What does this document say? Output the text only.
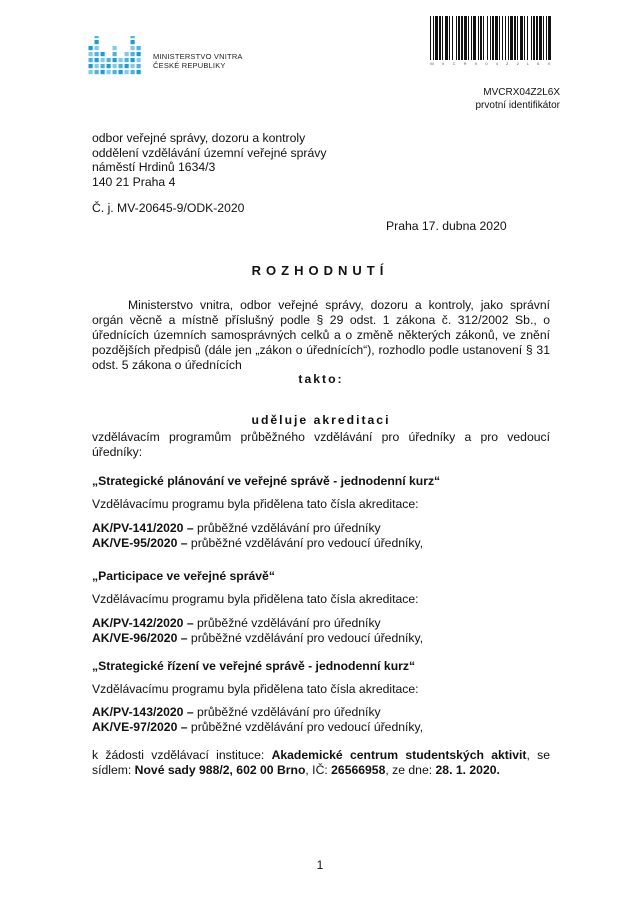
MINISTERSTVO VNITRA
ČESKÉ REPUBLIKY	M V C R X 0 4 Z 2 L 6 X
MVCRX04Z2L6X
prvotní identifikátor
odbor veřejné správy, dozoru a kontroly
oddělení vzdělávání územní veřejné správy
náměstí Hrdinů 1634/3
140 21 Praha 4
Č. j. MV-20645-9/ODK-2020
Praha 17. dubna 2020
ROZHODNUTÍ
Ministerstvo vnitra, odbor veřejné správy, dozoru a kontroly, jako správní orgán věcně a místně příslušný podle § 29 odst. 1 zákona č. 312/2002 Sb., o úřednících územních samosprávných celků a o změně některých zákonů, ve znění pozdějších předpisů (dále jen „zákon o úřednících“), rozhodlo podle ustanovení § 31 odst. 5 zákona o úřednících
takto:
uděluje akreditaci
vzdělávacím programům průběžného vzdělávání pro úředníky a pro vedoucí úředníky:
„Strategické plánování ve veřejné správě - jednodenní kurz“
Vzdělávacímu programu byla přidělena tato čísla akreditace:
AK/PV-141/2020 – průběžné vzdělávání pro úředníky
AK/VE-95/2020 – průběžné vzdělávání pro vedoucí úředníky,
„Participace ve veřejné správě“
Vzdělávacímu programu byla přidělena tato čísla akreditace:
AK/PV-142/2020 – průběžné vzdělávání pro úředníky
AK/VE-96/2020 – průběžné vzdělávání pro vedoucí úředníky,
„Strategické řízení ve veřejné správě - jednodenní kurz“
Vzdělávacímu programu byla přidělena tato čísla akreditace:
AK/PV-143/2020 – průběžné vzdělávání pro úředníky
AK/VE-97/2020 – průběžné vzdělávání pro vedoucí úředníky,
k žádosti vzdělávací instituce: Akademické centrum studentských aktivit, se sídlem: Nové sady 988/2, 602 00 Brno, IČ: 26566958, ze dne: 28. 1. 2020.
1
